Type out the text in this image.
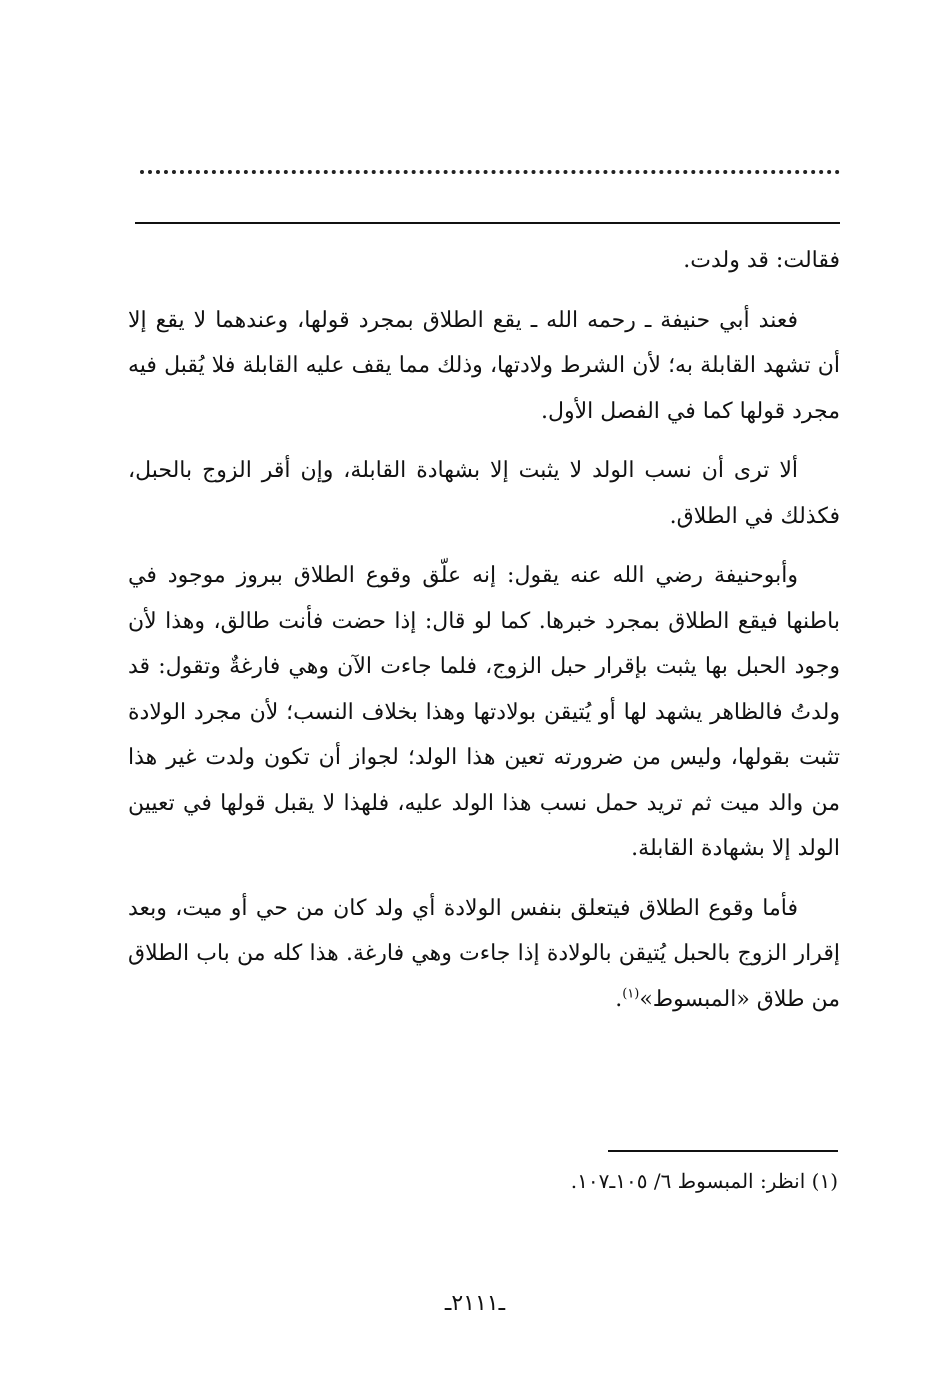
فقالت: قد ولدت.

فعند أبي حنيفة ـ رحمه الله ـ يقع الطلاق بمجرد قولها، وعندهما لا يقع إلا أن تشهد القابلة به؛ لأن الشرط ولادتها، وذلك مما يقف عليه القابلة فلا يُقبل فيه مجرد قولها كما في الفصل الأول.

ألا ترى أن نسب الولد لا يثبت إلا بشهادة القابلة، وإن أقر الزوج بالحبل، فكذلك في الطلاق.

وأبوحنيفة رضي الله عنه يقول: إنه علّق وقوع الطلاق ببروز موجود في باطنها فيقع الطلاق بمجرد خبرها. كما لو قال: إذا حضت فأنت طالق، وهذا لأن وجود الحبل بها يثبت بإقرار حبل الزوج، فلما جاءت الآن وهي فارغةٌ وتقول: قد ولدتُ فالظاهر يشهد لها أو يُتيقن بولادتها وهذا بخلاف النسب؛ لأن مجرد الولادة تثبت بقولها، وليس من ضرورته تعين هذا الولد؛ لجواز أن تكون ولدت غير هذا من والد ميت ثم تريد حمل نسب هذا الولد عليه، فلهذا لا يقبل قولها في تعيين الولد إلا بشهادة القابلة.

فأما وقوع الطلاق فيتعلق بنفس الولادة أي ولد كان من حي أو ميت، وبعد إقرار الزوج بالحبل يُتيقن بالولادة إذا جاءت وهي فارغة. هذا كله من باب الطلاق من طلاق «المبسوط»$^{(١)}$.

(١) انظر: المبسوط ٦/ ١٠٥ـ١٠٧.
ـ٢١١١ـ
